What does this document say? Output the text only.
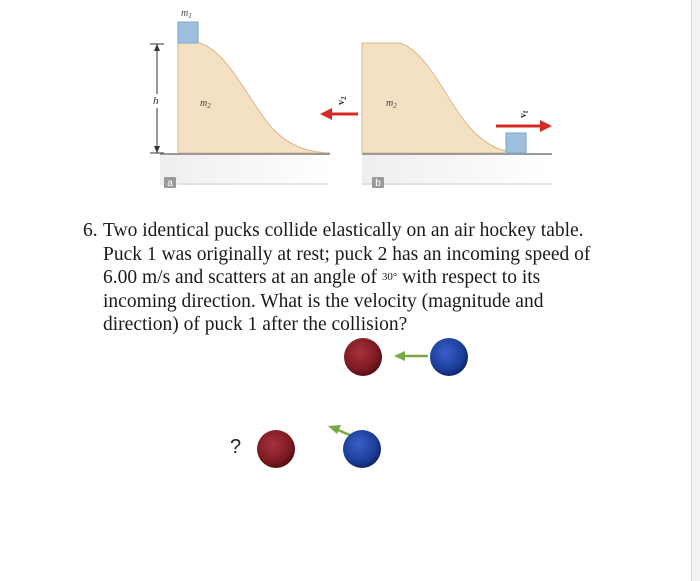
h
$m_1$
$m_2$
a
$v_2$
$v_f$
$m_2$
b
6. Two identical pucks collide elastically on an air hockey table.
Puck 1 was originally at rest; puck 2 has an incoming speed of
6.00 m/s and scatters at an angle of 30° with respect to its
incoming direction. What is the velocity (magnitude and
direction) of puck 1 after the collision?
?
